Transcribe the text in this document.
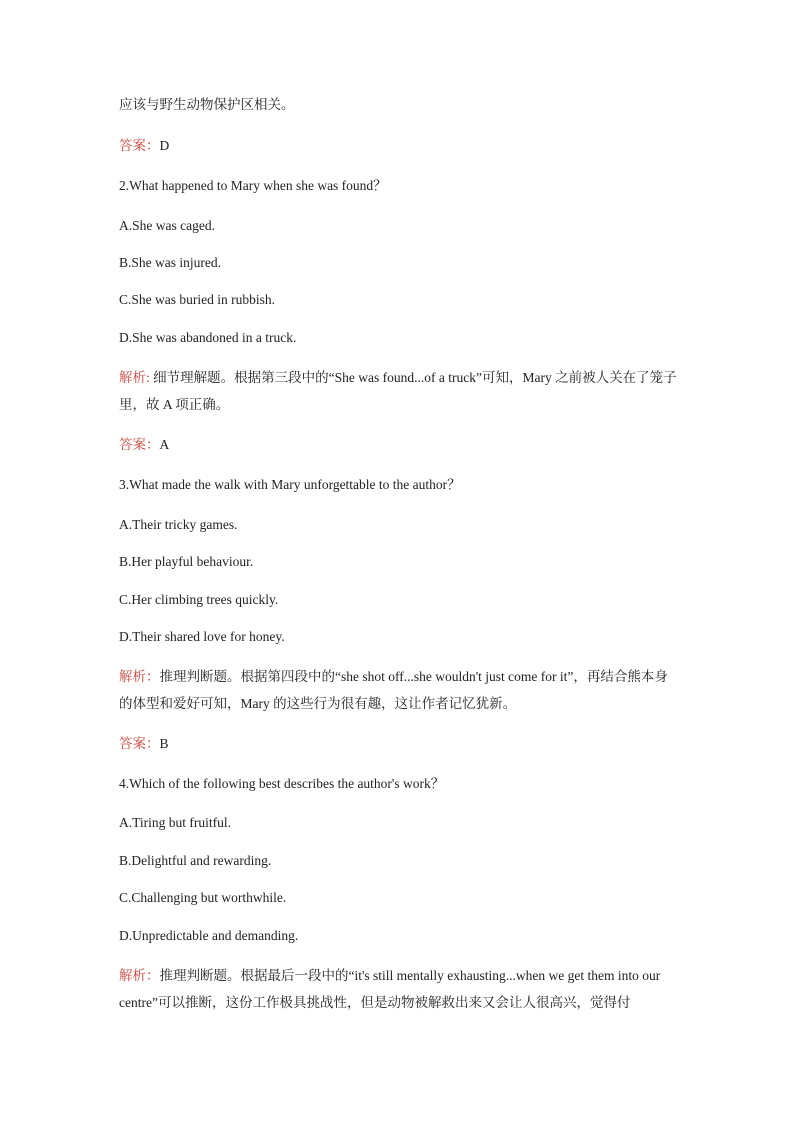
应该与野生动物保护区相关。
答案：D
2.What happened to Mary when she was found？
A.She was caged.
B.She was injured.
C.She was buried in rubbish.
D.She was abandoned in a truck.
解析: 细节理解题。根据第三段中的“She was found...of a truck”可知，Mary 之前被人关在了笼子里，故 A 项正确。
答案：A
3.What made the walk with Mary unforgettable to the author？
A.Their tricky games.
B.Her playful behaviour.
C.Her climbing trees quickly.
D.Their shared love for honey.
解析：推理判断题。根据第四段中的“she shot off...she wouldn't just come for it”，再结合熊本身的体型和爱好可知，Mary 的这些行为很有趣，这让作者记忆犹新。
答案：B
4.Which of the following best describes the author's work？
A.Tiring but fruitful.
B.Delightful and rewarding.
C.Challenging but worthwhile.
D.Unpredictable and demanding.
解析：推理判断题。根据最后一段中的“it's still mentally exhausting...when we get them into our centre”可以推断，这份工作极具挑战性，但是动物被解救出来又会让人很高兴，觉得付
